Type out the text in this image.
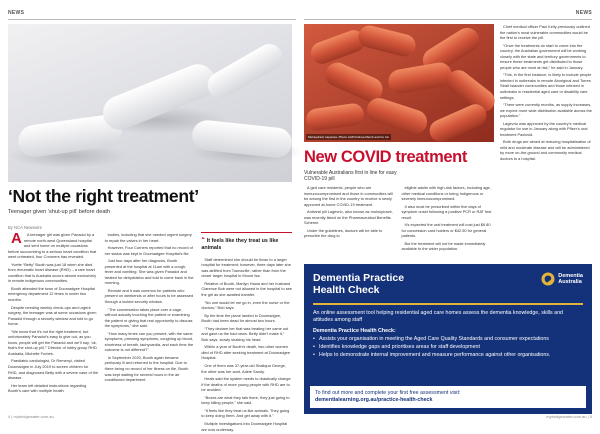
NEWS
‘Not the right treatment’
Teenager given ‘shut-up pill’ before death
By NCA Newswire

A A teenager girl was given Panadol by a remote north-west Queensland hospital and sent home on multiple occasions before succumbing to a serious heart condition that went untreated, four Coroners has revealed.

Yvette “Betty” Booth was just 18 when she died from rheumatic heart disease (RHD) – a rare heart condition that is Australia occurs almost exclusively in remote indigenous communities.

Booth attended the town of Doomadgee Hospital emergency department 12 times in under two months.

Despite needing weekly check-ups and urgent surgery, the teenager was at some occasions given Panadol through a security window and told to go home.

“We know that it’s not the right treatment, but unfortunately Panadol’s easy to give out, as you know, people will get the Panadol and we’ll say, ‘ok, that’s the shut-up pill,’” Director of lobby group RHD Australia, Michelle Forbes.

Paediatric cardiologist, Dr Remenyi, visited Doomadgee in July 2019 to screen children for RHD, and diagnosed Betty with a severe case of the disease.

Her team left detailed instructions regarding Booth’s care with multiple health

bodies, including that she needed urgent surgery to repair the valves in her heart.

However, Four Corners reported that no record of her status was kept in Doomadgee Hospital’s file.

Just four days after her diagnosis, Booth presented at the hospital at 11am with a cough, fever and vomiting. She was given Panadol and treated for dehydration and told to come back in the morning.

Remote and it was common for patients who present on weekends or after hours to be assessed through a locked security window.

“The conversation takes place over a cage, without actually touching the patient or examining the patient or giving that real opportunity to discuss the symptoms,” she said.

“How many times can you present, with the same symptoms, pressing symptoms, coughing up blood, shortness of breath, tachycardia, and each time the outcome is not different?”

In September 2020, Booth again became perilously ill and returned to the hospital. Due to there being no record of her illness on file, Booth was kept waiting for several hours in the air conditioned department.

“ It feels like they treat us like animals

Staff determined she should be flown to a larger hospital for treatment; however, three days later she was airlifted from Townsville, rather than from the closer larger hospital in Mount Isa.

Relative of Booth, Marilyn Hauia and her husband Clarence Bob were not allowed in the hospital to see the girl as she awaited transfer.

“No one would let me go in, even the nurse or the doctors,” Bob says.

By the time the plane landed in Doomadgee, Booth had been dead for almost two hours.

“They declare her that was treating her came out and gave us the bad news. Betty didn’t make it,” Bob says, slowly shaking his head.

Within a year of Booth’s death, two other women died of RHD after seeking treatment at Doomadgee Hospital.

One of them was 37-year-old Shaliqua George, the other was her aunt, Adele Sandy.

Heals said the system needs to drastically change if the deaths of more young people with RHD are to be avoided.

“Boxes are what they talk there, they just going to keep killing people,” she said.

“It feels like they treat us like animals. They going to keep doing them. And get away with it.”

Multiple investigations into Doomadgee Hospital are now underway.

4 | mybridgewater.com.au
NEWS
Molnupiravir capsules. Photo: AAP/Andrea Merck and Co Inc
New COVID treatment
Vulnerable Australians first in line for easy COVID-19 pill

A ged care residents, people who are immunocompromised and those in communities will be among the first in the country to receive a newly approved at-home COVID-19 treatment.

Antiviral pill Lagevrio, also known as molnupiravir, was recently listed on the Pharmaceutical Benefits Scheme.

Under the guidelines, doctors will be able to prescribe the drug to

eligible adults with high-risk factors, including age, other medical conditions or being Indigenous or severely immunocompromised.

It also must be prescribed within five days of symptom onset following a positive PCR or RAT test result.

It’s expected the oral treatment will cost just $6.80 for concession card holders or $42.50 for general patients.

But the treatment will not be made immediately available to the wider population.

Chief medical officer Paul Kelly previously outlined the nation’s most vulnerable communities would be the first to receive the pill.

“Once the treatments do start to come into the country, the Australian government will be working closely with the state and territory governments to ensure these treatments get distributed to those people who are most at risk,” he said in January.

“This, in the first instance, is likely to include people infected in outbreaks in remote Aboriginal and Torres Strait Islander communities and those infected in outbreaks in residential aged care or disability care settings.

“There were currently months, as supply increases, we expect more wide distribution available across the population.”

Lagevrio was approved by the country’s medical regulator for use in January along with Pfizer’s oral treatment Paxlovid.

Both drugs are aimed at reducing hospitalisation of mild and moderate disease and will be administered by more on-the-ground and community medical doctors to a hospital.

Dementia Practice
Health Check
Dementia
Australia
An online assessment tool helping residential aged care homes assess the dementia knowledge, skills and attitudes among staff
Dementia Practice Health Check:
• Assists your organisation in meeting the Aged Care Quality Standards and consumer expectations
• Identifies knowledge gaps and prioritises areas for staff development
• Helps to demonstrate internal improvement and measure performance against other organisations.
To find out more and complete your first free assessment visit:
dementialearning.org.au/practice-health-check
mybridgewater.com.au | 5
